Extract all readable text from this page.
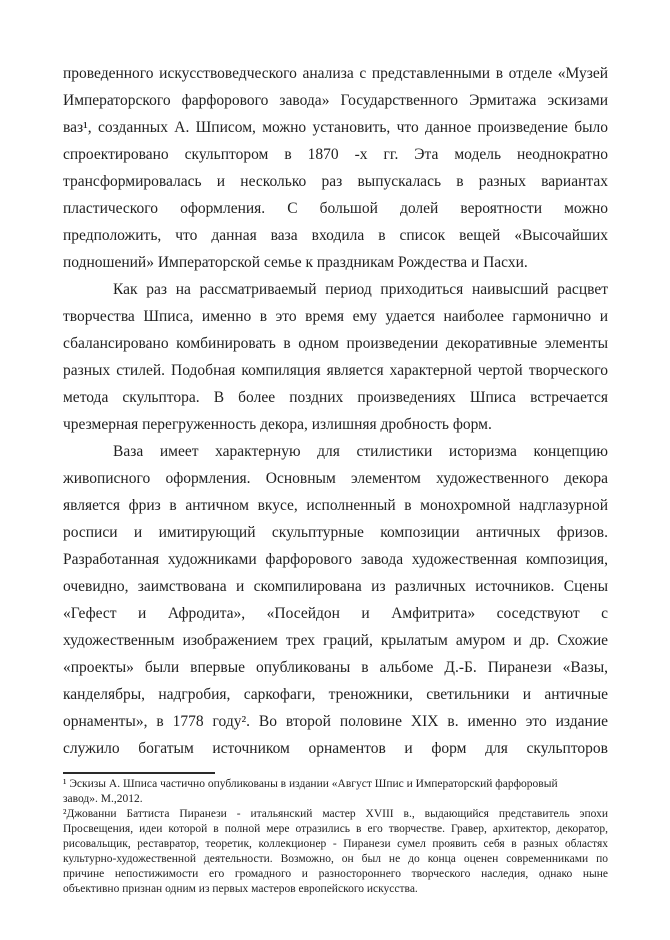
проведенного искусствоведческого анализа с представленными в отделе «Музей
Императорского фарфорового завода» Государственного Эрмитажа эскизами
ваз¹, созданных А. Шписом, можно установить, что данное произведение было
спроектировано скульптором в 1870 -х гг. Эта модель неоднократно
трансформировалась и несколько раз выпускалась в разных вариантах
пластического оформления. С большой долей вероятности можно
предположить, что данная ваза входила в список вещей «Высочайших
подношений» Императорской семье к праздникам Рождества и Пасхи.
Как раз на рассматриваемый период приходиться наивысший расцвет
творчества Шписа, именно в это время ему удается наиболее гармонично и
сбалансировано комбинировать в одном произведении декоративные элементы
разных стилей. Подобная компиляция является характерной чертой творческого
метода скульптора. В более поздних произведениях Шписа встречается
чрезмерная перегруженность декора, излишняя дробность форм.
Ваза имеет характерную для стилистики историзма концепцию
живописного оформления. Основным элементом художественного декора
является фриз в античном вкусе, исполненный в монохромной надглазурной
росписи и имитирующий скульптурные композиции античных фризов.
Разработанная художниками фарфорового завода художественная композиция,
очевидно, заимствована и скомпилирована из различных источников. Сцены
«Гефест и Афродита», «Посейдон и Амфитрита» соседствуют с
художественным изображением трех граций, крылатым амуром и др. Схожие
«проекты» были впервые опубликованы в альбоме Д.-Б. Пиранези «Вазы,
канделябры, надгробия, саркофаги, треножники, светильники и античные
орнаменты», в 1778 году². Во второй половине XIX в. именно это издание
служило богатым источником орнаментов и форм для скульпторов
¹ Эскизы А. Шписа частично опубликованы в издании «Август Шпис и Императорский фарфоровый
завод». М.,2012.
²Джованни Баттиста Пиранези - итальянский мастер XVIII в., выдающийся представитель эпохи
Просвещения, идеи которой в полной мере отразились в его творчестве. Гравер, архитектор, декоратор,
рисовальщик, реставратор, теоретик, коллекционер - Пиранези сумел проявить себя в разных областях
культурно-художественной деятельности. Возможно, он был не до конца оценен современниками по
причине непостижимости его громадного и разностороннего творческого наследия, однако ныне
объективно признан одним из первых мастеров европейского искусства.
